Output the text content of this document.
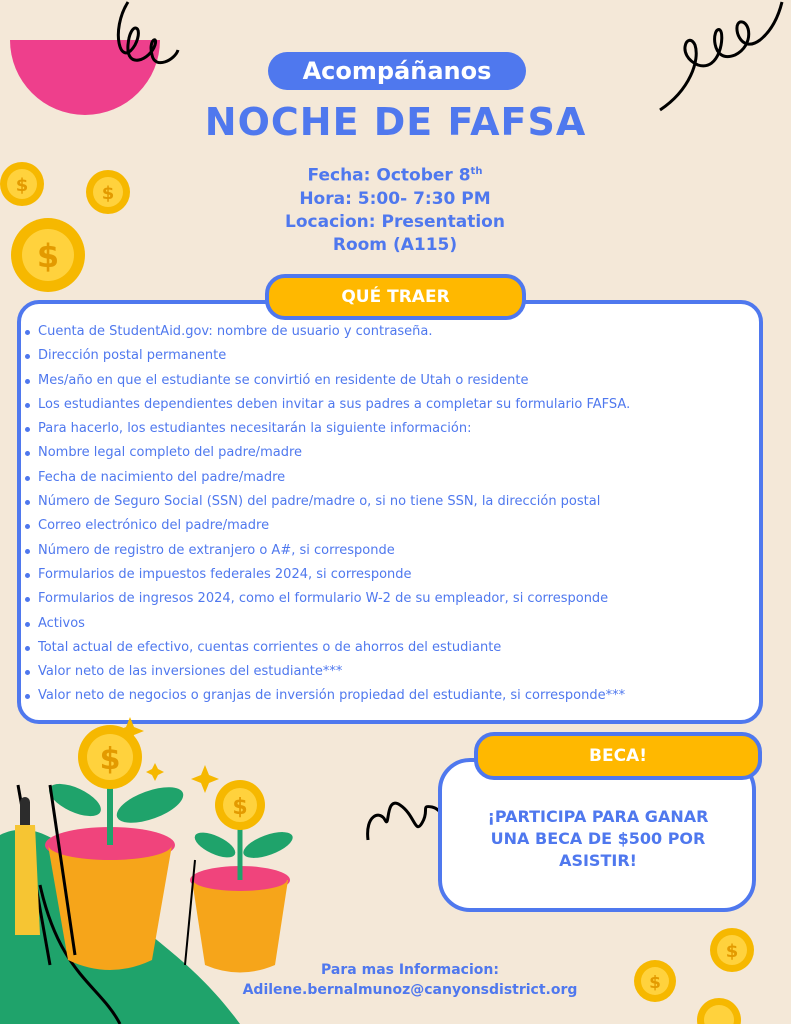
$	$
$
Acompáñanos
NOCHE DE FAFSA
Fecha: October 8th
Hora: 5:00- 7:30 PM
Locacion: Presentation
Room (A115)
QUÉ TRAER
Cuenta de StudentAid.gov: nombre de usuario y contraseña.
Dirección postal permanente
Mes/año en que el estudiante se convirtió en residente de Utah o residente
Los estudiantes dependientes deben invitar a sus padres a completar su formulario FAFSA.
Para hacerlo, los estudiantes necesitarán la siguiente información:
Nombre legal completo del padre/madre
Fecha de nacimiento del padre/madre
Número de Seguro Social (SSN) del padre/madre o, si no tiene SSN, la dirección postal
Correo electrónico del padre/madre
Número de registro de extranjero o A#, si corresponde
Formularios de impuestos federales 2024, si corresponde
Formularios de ingresos 2024, como el formulario W-2 de su empleador, si corresponde
Activos
Total actual de efectivo, cuentas corrientes o de ahorros del estudiante
Valor neto de las inversiones del estudiante***
Valor neto de negocios o granjas de inversión propiedad del estudiante, si corresponde***
BECA!
¡PARTICIPA PARA GANAR
UNA BECA DE $500 POR
ASISTIR!
$
$
Para mas Informacion:
Adilene.bernalmunoz@canyonsdistrict.org
$
$
